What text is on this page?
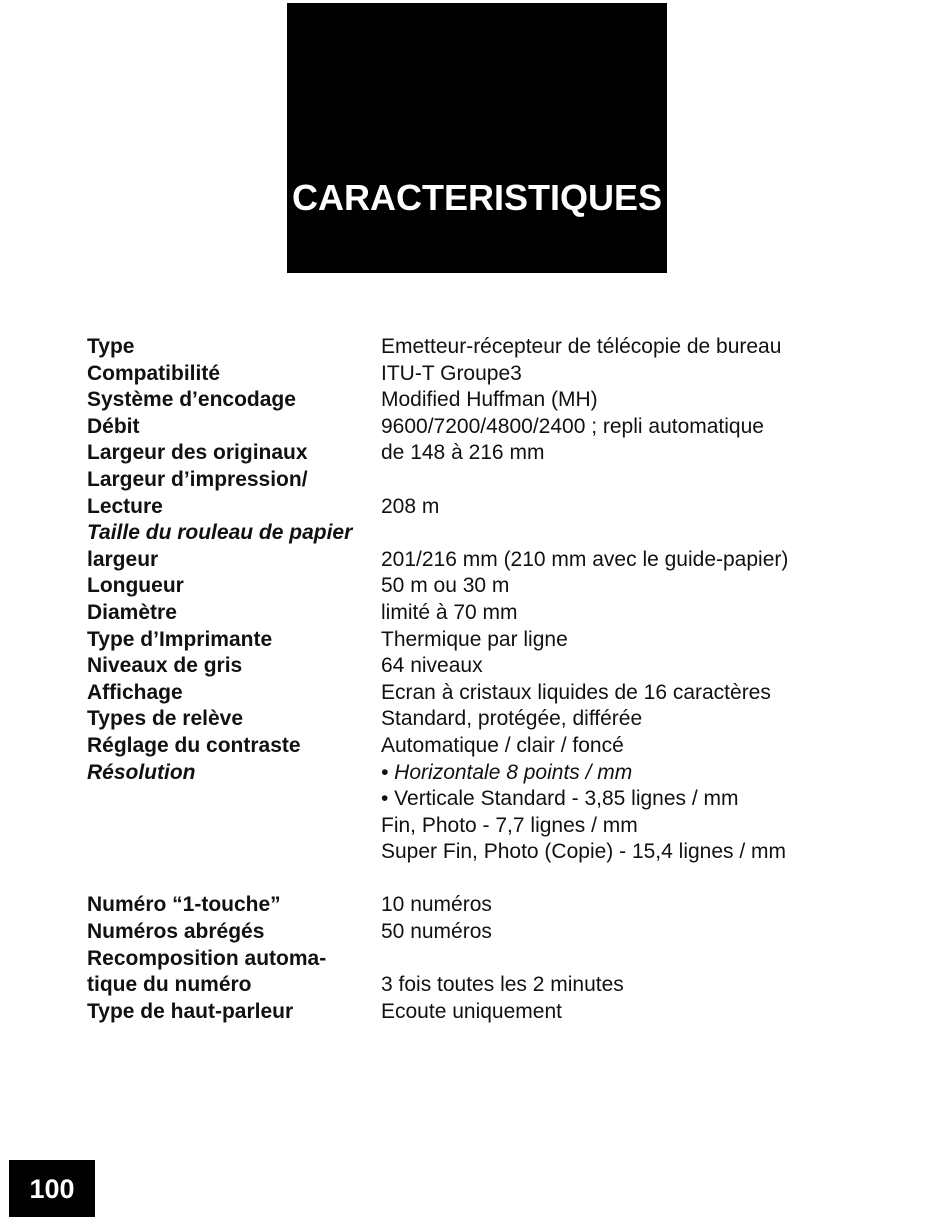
CARACTERISTIQUES
Type	Emetteur-récepteur de télécopie de bureau
Compatibilité	ITU-T Groupe3
Système d’encodage	Modified Huffman (MH)
Débit	9600/7200/4800/2400 ; repli automatique
Largeur des originaux	de 148 à 216 mm
Largeur d’impression/
Lecture	208 m
Taille du rouleau de papier
largeur	201/216 mm (210 mm avec le guide-papier)
Longueur	50 m ou 30 m
Diamètre	limité à 70 mm
Type d’Imprimante	Thermique par ligne
Niveaux de gris	64 niveaux
Affichage	Ecran à cristaux liquides de 16 caractères
Types de relève	Standard, protégée, différée
Réglage du contraste	Automatique / clair / foncé
Résolution	• Horizontale 8 points / mm
• Verticale Standard - 3,85 lignes / mm
Fin, Photo - 7,7 lignes / mm
Super Fin, Photo (Copie) - 15,4 lignes / mm
Numéro “1-touche”	10 numéros
Numéros abrégés	50 numéros
Recomposition automa-
tique du numéro	3 fois toutes les 2 minutes
Type de haut-parleur	Ecoute uniquement
100
